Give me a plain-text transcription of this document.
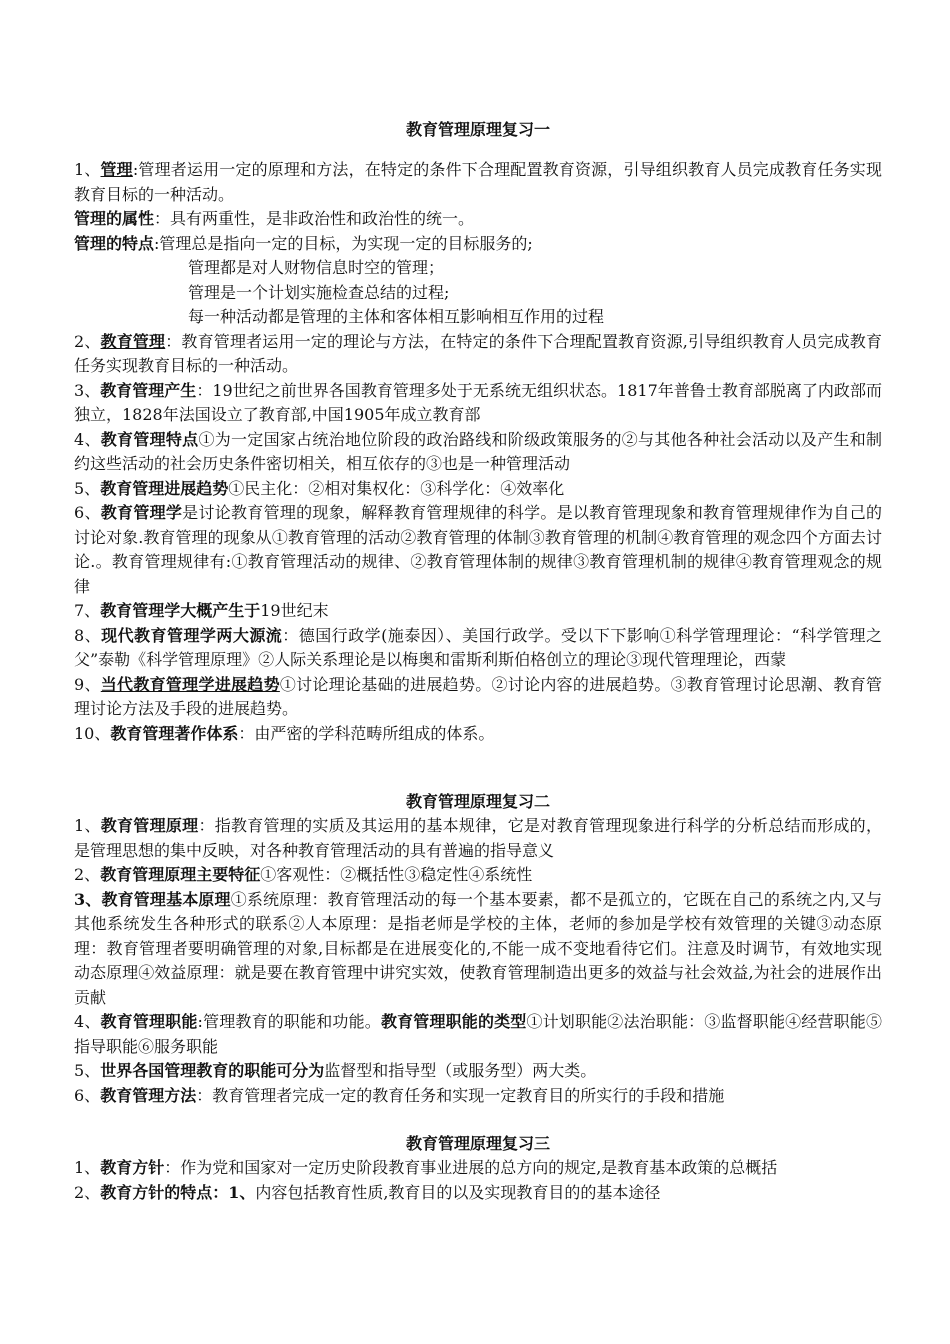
教育管理原理复习一

1、管理:管理者运用一定的原理和方法，在特定的条件下合理配置教育资源，引导组织教育人员完成教育任务实现教育目标的一种活动。

管理的属性：具有两重性，是非政治性和政治性的统一。

管理的特点:管理总是指向一定的目标，为实现一定的目标服务的;

管理都是对人财物信息时空的管理；

管理是一个计划实施检查总结的过程;

每一种活动都是管理的主体和客体相互影响相互作用的过程

2、教育管理：教育管理者运用一定的理论与方法，在特定的条件下合理配置教育资源,引导组织教育人员完成教育任务实现教育目标的一种活动。

3、教育管理产生：19世纪之前世界各国教育管理多处于无系统无组织状态。1817年普鲁士教育部脱离了内政部而独立，1828年法国设立了教育部,中国1905年成立教育部

4、教育管理特点①为一定国家占统治地位阶段的政治路线和阶级政策服务的②与其他各种社会活动以及产生和制约这些活动的社会历史条件密切相关，相互依存的③也是一种管理活动

5、教育管理进展趋势①民主化：②相对集权化：③科学化：④效率化

6、教育管理学是讨论教育管理的现象，解释教育管理规律的科学。是以教育管理现象和教育管理规律作为自己的讨论对象.教育管理的现象从①教育管理的活动②教育管理的体制③教育管理的机制④教育管理的观念四个方面去讨论.。教育管理规律有:①教育管理活动的规律、②教育管理体制的规律③教育管理机制的规律④教育管理观念的规律

7、教育管理学大概产生于19世纪末

8、现代教育管理学两大源流：德国行政学(施泰因）、美国行政学。受以下下影响①科学管理理论：“科学管理之父”泰勒《科学管理原理》②人际关系理论是以梅奥和雷斯利斯伯格创立的理论③现代管理理论，西蒙

9、当代教育管理学进展趋势①讨论理论基础的进展趋势。②讨论内容的进展趋势。③教育管理讨论思潮、教育管理讨论方法及手段的进展趋势。

10、教育管理著作体系：由严密的学科范畴所组成的体系。

教育管理原理复习二

1、教育管理原理：指教育管理的实质及其运用的基本规律，它是对教育管理现象进行科学的分析总结而形成的，是管理思想的集中反映，对各种教育管理活动的具有普遍的指导意义

2、教育管理原理主要特征①客观性：②概括性③稳定性④系统性

3、教育管理基本原理①系统原理：教育管理活动的每一个基本要素，都不是孤立的，它既在自己的系统之内,又与其他系统发生各种形式的联系②人本原理：是指老师是学校的主体，老师的参加是学校有效管理的关键③动态原理：教育管理者要明确管理的对象,目标都是在进展变化的,不能一成不变地看待它们。注意及时调节，有效地实现动态原理④效益原理：就是要在教育管理中讲究实效，使教育管理制造出更多的效益与社会效益,为社会的进展作出贡献

4、教育管理职能:管理教育的职能和功能。教育管理职能的类型①计划职能②法治职能：③监督职能④经营职能⑤指导职能⑥服务职能

5、世界各国管理教育的职能可分为监督型和指导型（或服务型）两大类。

6、教育管理方法：教育管理者完成一定的教育任务和实现一定教育目的所实行的手段和措施

教育管理原理复习三

1、教育方针：作为党和国家对一定历史阶段教育事业进展的总方向的规定,是教育基本政策的总概括

2、教育方针的特点：1、内容包括教育性质,教育目的以及实现教育目的的基本途径
